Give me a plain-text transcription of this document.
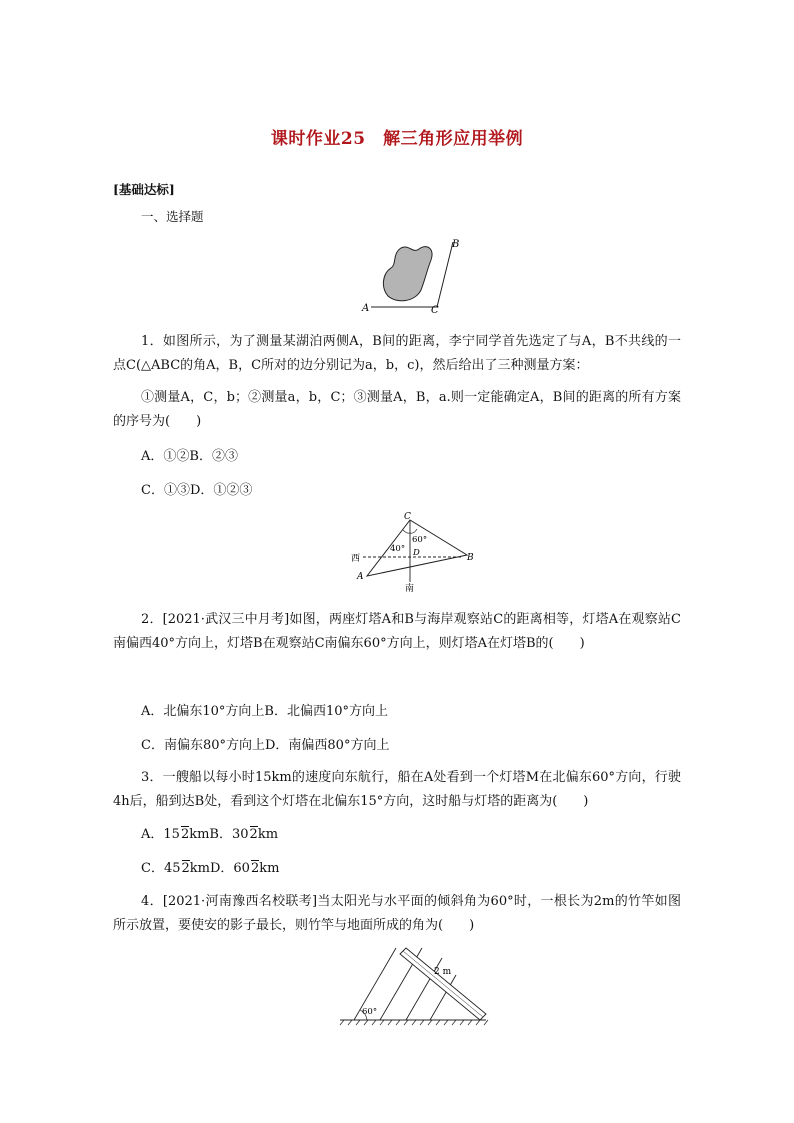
课时作业25　解三角形应用举例
[基础达标]
一、选择题
A	C
B
1．如图所示，为了测量某湖泊两侧A，B间的距离，李宁同学首先选定了与A，B不共线的一点C(△ABC的角A，B，C所对的边分别记为a，b，c)，然后给出了三种测量方案：
①测量A，C，b；②测量a，b，C；③测量A，B，a.则一定能确定A，B间的距离的所有方案的序号为(　　)
A．①②B．②③
C．①③D．①②③
C
60°
40° D
西	B
A
南
2．[2021·武汉三中月考]如图，两座灯塔A和B与海岸观察站C的距离相等，灯塔A在观察站C南偏西40°方向上，灯塔B在观察站C南偏东60°方向上，则灯塔A在灯塔B的(　　)
A．北偏东10°方向上B．北偏西10°方向上
C．南偏东80°方向上D．南偏西80°方向上
3．一艘船以每小时15km的速度向东航行，船在A处看到一个灯塔M在北偏东60°方向，行驶4h后，船到达B处，看到这个灯塔在北偏东15°方向，这时船与灯塔的距离为(　　)
A．152kmB．302km
C．452kmD．602km
4．[2021·河南豫西名校联考]当太阳光与水平面的倾斜角为60°时，一根长为2m的竹竿如图所示放置，要使安的影子最长，则竹竿与地面所成的角为(　　)
60°
2 m
